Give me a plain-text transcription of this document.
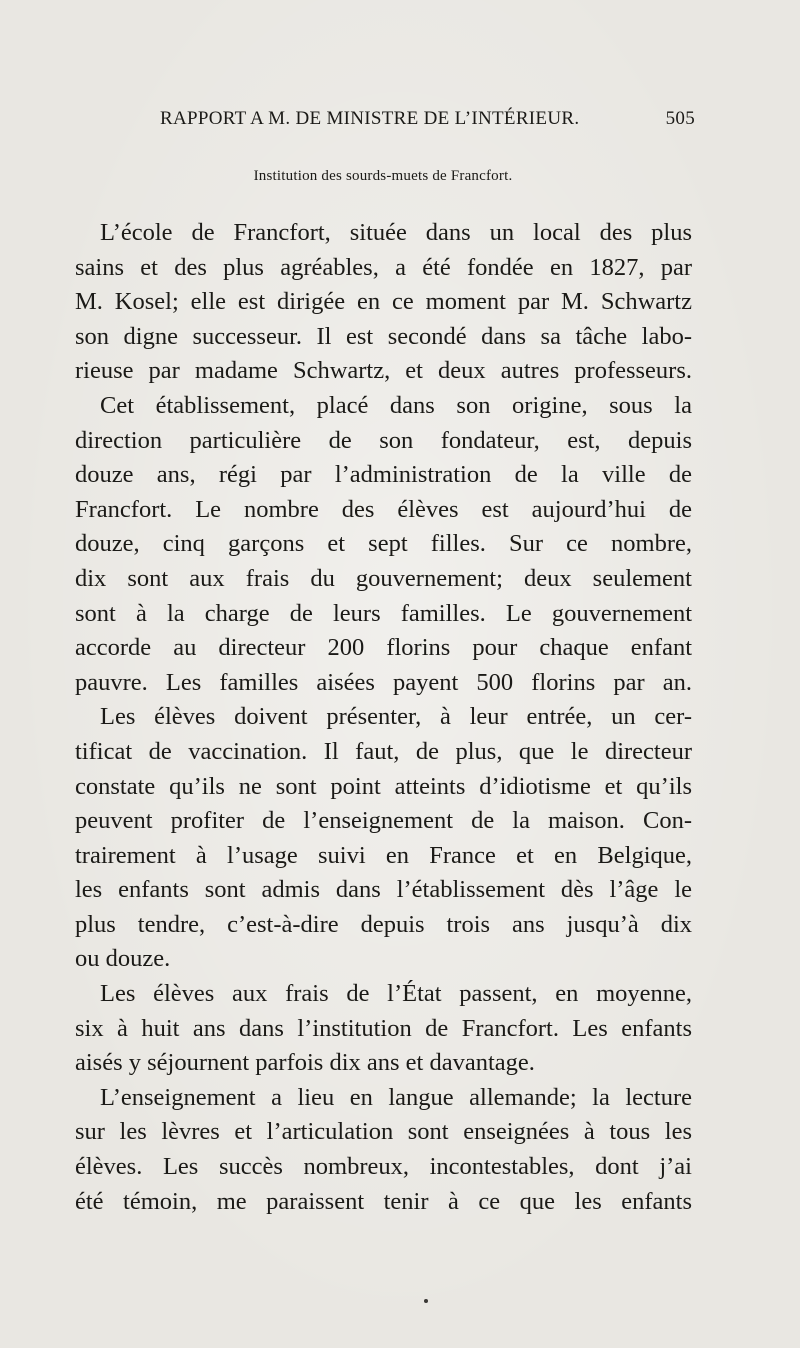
RAPPORT A M. DE MINISTRE DE L’INTÉRIEUR.	505
Institution des sourds-muets de Francfort.
L’école de Francfort, située dans un local des plus
sains et des plus agréables, a été fondée en 1827, par
M. Kosel; elle est dirigée en ce moment par M. Schwartz
son digne successeur. Il est secondé dans sa tâche labo-
rieuse par madame Schwartz, et deux autres professeurs.
Cet établissement, placé dans son origine, sous la
direction particulière de son fondateur, est, depuis
douze ans, régi par l’administration de la ville de
Francfort. Le nombre des élèves est aujourd’hui de
douze, cinq garçons et sept filles. Sur ce nombre,
dix sont aux frais du gouvernement; deux seulement
sont à la charge de leurs familles. Le gouvernement
accorde au directeur 200 florins pour chaque enfant
pauvre. Les familles aisées payent 500 florins par an.
Les élèves doivent présenter, à leur entrée, un cer-
tificat de vaccination. Il faut, de plus, que le directeur
constate qu’ils ne sont point atteints d’idiotisme et qu’ils
peuvent profiter de l’enseignement de la maison. Con-
trairement à l’usage suivi en France et en Belgique,
les enfants sont admis dans l’établissement dès l’âge le
plus tendre, c’est-à-dire depuis trois ans jusqu’à dix
ou douze.
Les élèves aux frais de l’État passent, en moyenne,
six à huit ans dans l’institution de Francfort. Les enfants
aisés y séjournent parfois dix ans et davantage.
L’enseignement a lieu en langue allemande; la lecture
sur les lèvres et l’articulation sont enseignées à tous les
élèves. Les succès nombreux, incontestables, dont j’ai
été témoin, me paraissent tenir à ce que les enfants
